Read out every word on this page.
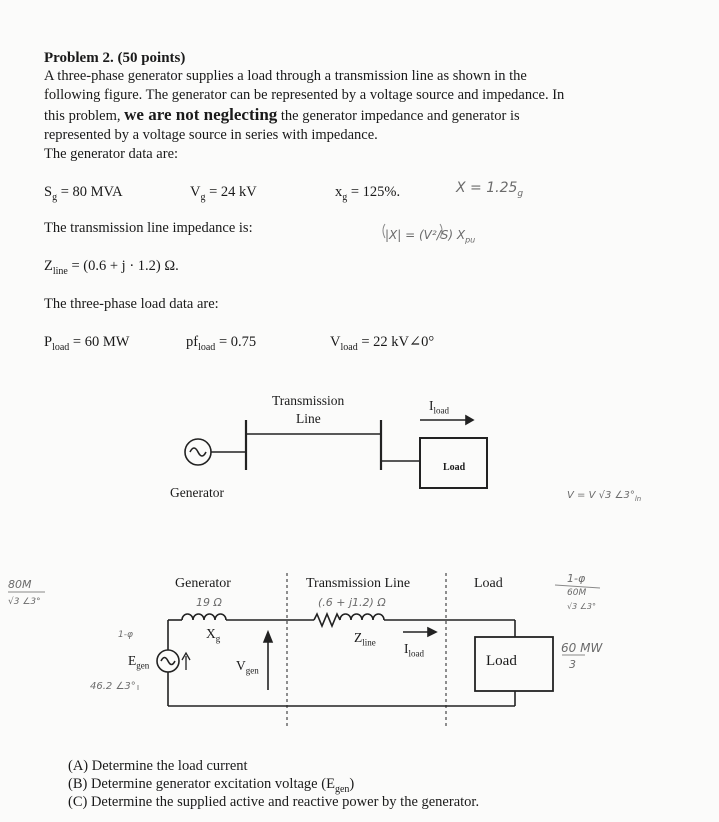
Problem 2. (50 points)
A three-phase generator supplies a load through a transmission line as shown in the
following figure. The generator can be represented by a voltage source and impedance. In
this problem, we are not neglecting the generator impedance and generator is
represented by a voltage source in series with impedance.
The generator data are:
$S_g = 80$ MVA	$V_g = 24$ kV	$x_g = 125\%$.
The transmission line impedance is:
$Z_{line} = (0.6 + j \cdot 1.2)$ Ω.
The three-phase load data are:
$P_{load} = 60$ MW	$pf_{load} = 0.75$	$V_{load} = 22$ kV∠0°
$X = 1.25_g$
|X| = (V²/S) $X_{pu}$
V = V √3 $\angle 3^\circ_{ln}$
80M
√3 ∠3°	19 Ω	(.6 + j1.2) Ω
1-φ
46.2 ∠3°
1-φ
60M
√3 ∠3°
60 MW
3
Transmission
Line
$I_{load}$
Load
Generator
Generator	Transmission Line	Load
$X_g$	$Z_{line}$ $I_{load}$
$E_{gen}$	$V_{gen}$
Load
(A) Determine the load current
(B) Determine generator excitation voltage $(E_{gen})$
(C) Determine the supplied active and reactive power by the generator.
